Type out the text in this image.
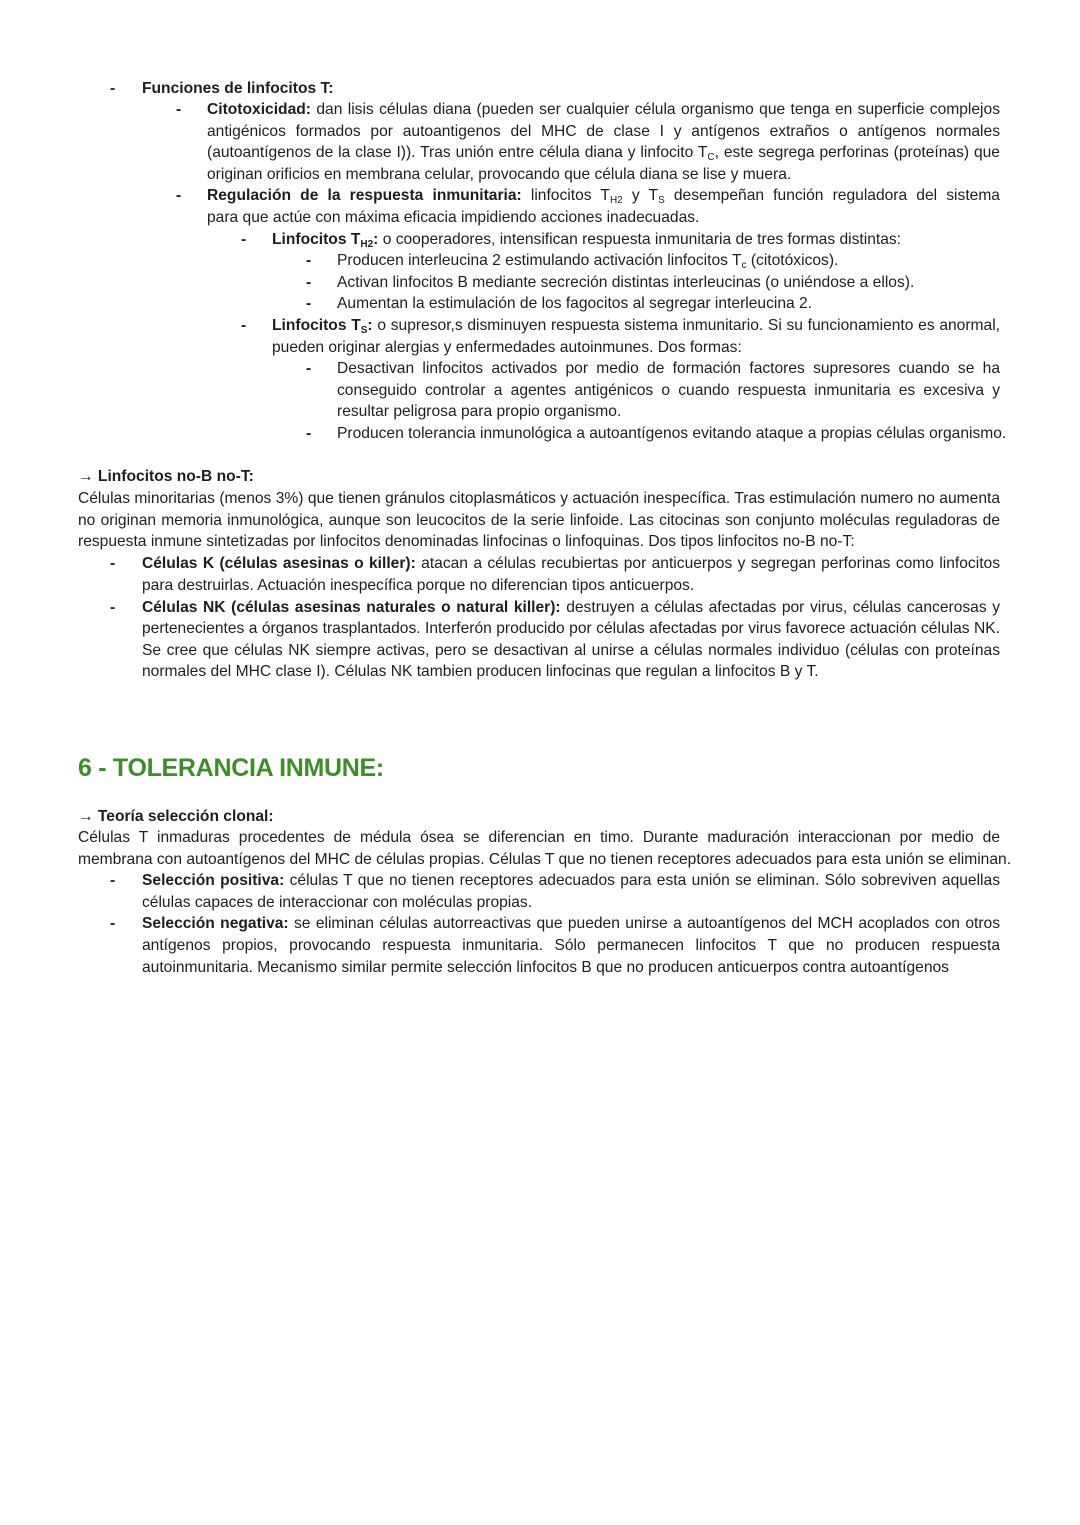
- Funciones de linfocitos T:
- Citotoxicidad: dan lisis células diana (pueden ser cualquier célula organismo que tenga en superficie complejos
antigénicos formados por autoantigenos del MHC de clase I y antígenos extraños o antígenos normales
(autoantígenos de la clase I)). Tras unión entre célula diana y linfocito $T_C$, este segrega perforinas (proteínas) que
originan orificios en membrana celular, provocando que célula diana se lise y muera.
- Regulación de la respuesta inmunitaria: linfocitos $T_{H2}$ y $T_S$ desempeñan función reguladora del sistema
para que actúe con máxima eficacia impidiendo acciones inadecuadas.
- Linfocitos $T_{H2}$: o cooperadores, intensifican respuesta inmunitaria de tres formas distintas:
- Producen interleucina 2 estimulando activación linfocitos $T_c$ (citotóxicos).
- Activan linfocitos B mediante secreción distintas interleucinas (o uniéndose a ellos).
- Aumentan la estimulación de los fagocitos al segregar interleucina 2.
- Linfocitos $T_S$: o supresor,s disminuyen respuesta sistema inmunitario. Si su funcionamiento es anormal,
pueden originar alergias y enfermedades autoinmunes. Dos formas:
- Desactivan linfocitos activados por medio de formación factores supresores cuando se ha
conseguido controlar a agentes antigénicos o cuando respuesta inmunitaria es excesiva y
resultar peligrosa para propio organismo.
- Producen tolerancia inmunológica a autoantígenos evitando ataque a propias células organismo.
→ Linfocitos no-B no-T:
Células minoritarias (menos 3%) que tienen gránulos citoplasmáticos y actuación inespecífica. Tras estimulación numero no aumenta
no originan memoria inmunológica, aunque son leucocitos de la serie linfoide. Las citocinas son conjunto moléculas reguladoras de
respuesta inmune sintetizadas por linfocitos denominadas linfocinas o linfoquinas. Dos tipos linfocitos no-B no-T:
- Células K (células asesinas o killer): atacan a células recubiertas por anticuerpos y segregan perforinas como linfocitos
para destruirlas. Actuación inespecífica porque no diferencian tipos anticuerpos.
- Células NK (células asesinas naturales o natural killer): destruyen a células afectadas por virus, células cancerosas y
pertenecientes a órganos trasplantados. Interferón producido por células afectadas por virus favorece actuación células NK.
Se cree que células NK siempre activas, pero se desactivan al unirse a células normales individuo (células con proteínas
normales del MHC clase I). Células NK tambien producen linfocinas que regulan a linfocitos B y T.
6 - TOLERANCIA INMUNE:
→ Teoría selección clonal:
Células T inmaduras procedentes de médula ósea se diferencian en timo. Durante maduración interaccionan por medio de
membrana con autoantígenos del MHC de células propias. Células T que no tienen receptores adecuados para esta unión se eliminan.
- Selección positiva: células T que no tienen receptores adecuados para esta unión se eliminan. Sólo sobreviven aquellas
células capaces de interaccionar con moléculas propias.
- Selección negativa: se eliminan células autorreactivas que pueden unirse a autoantígenos del MCH acoplados con otros
antígenos propios, provocando respuesta inmunitaria. Sólo permanecen linfocitos T que no producen respuesta
autoinmunitaria. Mecanismo similar permite selección linfocitos B que no producen anticuerpos contra autoantígenos
